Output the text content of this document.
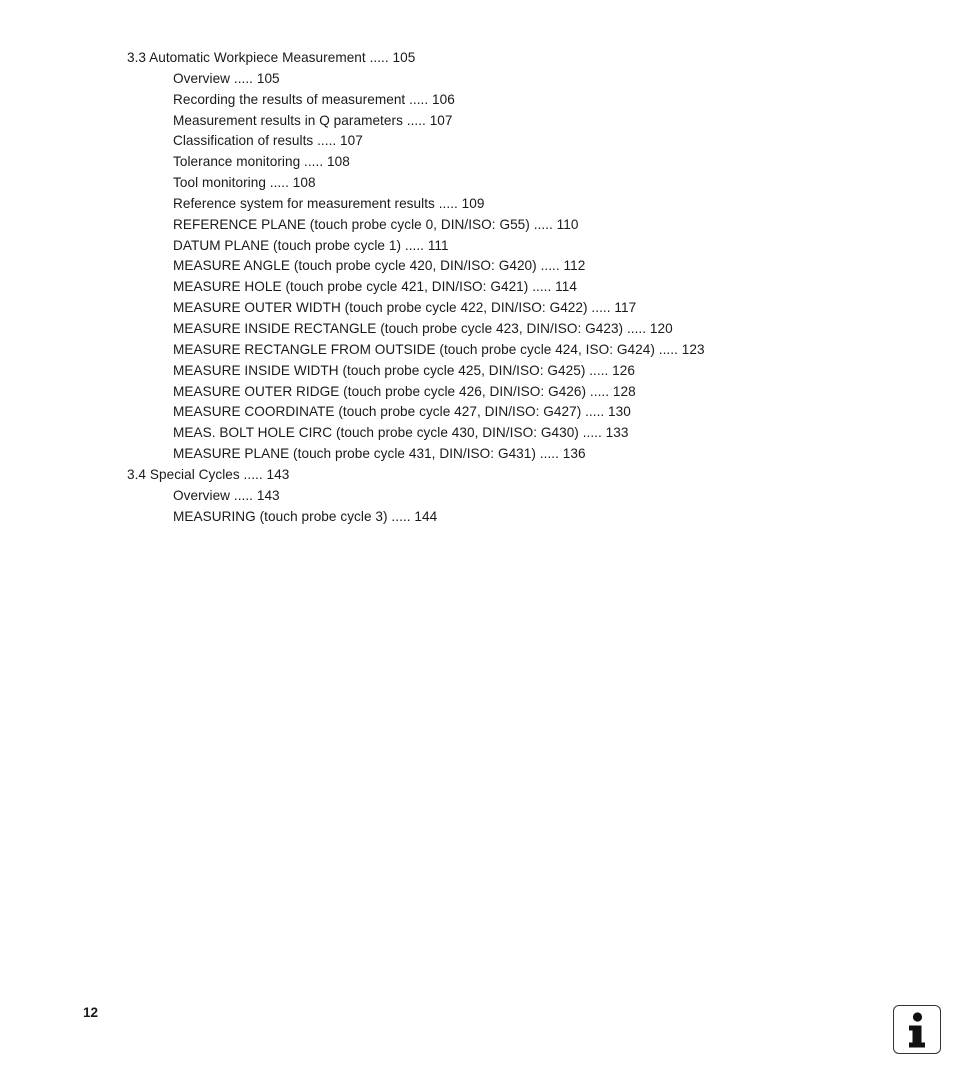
3.3 Automatic Workpiece Measurement ..... 105
Overview ..... 105
Recording the results of measurement ..... 106
Measurement results in Q parameters ..... 107
Classification of results ..... 107
Tolerance monitoring ..... 108
Tool monitoring ..... 108
Reference system for measurement results ..... 109
REFERENCE PLANE (touch probe cycle 0, DIN/ISO: G55) ..... 110
DATUM PLANE (touch probe cycle 1) ..... 111
MEASURE ANGLE (touch probe cycle 420, DIN/ISO: G420) ..... 112
MEASURE HOLE (touch probe cycle 421, DIN/ISO: G421) ..... 114
MEASURE OUTER WIDTH (touch probe cycle 422, DIN/ISO: G422) ..... 117
MEASURE INSIDE RECTANGLE (touch probe cycle 423, DIN/ISO: G423) ..... 120
MEASURE RECTANGLE FROM OUTSIDE (touch probe cycle 424, ISO: G424) ..... 123
MEASURE INSIDE WIDTH (touch probe cycle 425, DIN/ISO: G425) ..... 126
MEASURE OUTER RIDGE (touch probe cycle 426, DIN/ISO: G426) ..... 128
MEASURE COORDINATE (touch probe cycle 427, DIN/ISO: G427) ..... 130
MEAS. BOLT HOLE CIRC (touch probe cycle 430, DIN/ISO: G430) ..... 133
MEASURE PLANE (touch probe cycle 431, DIN/ISO: G431) ..... 136
3.4 Special Cycles ..... 143
Overview ..... 143
MEASURING (touch probe cycle 3) ..... 144
12
